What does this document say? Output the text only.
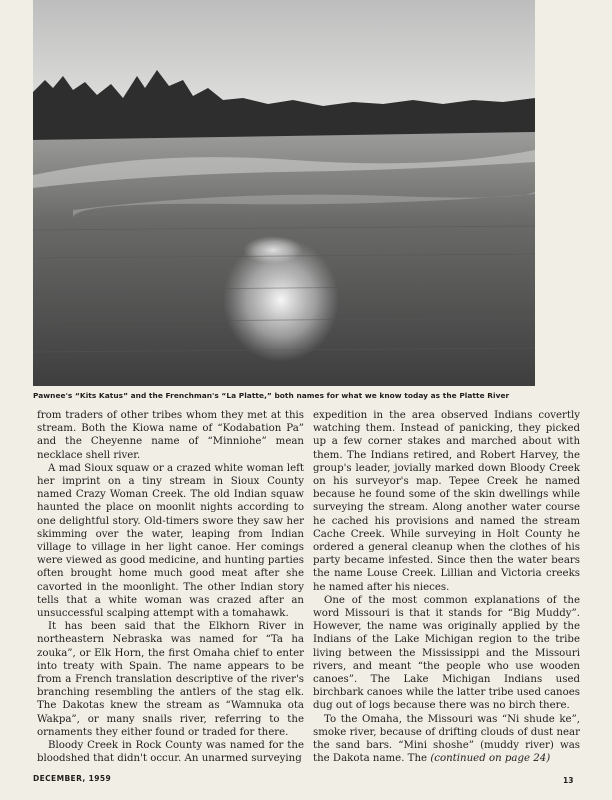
Pawnee's “Kits Katus” and the Frenchman's “La Platte,” both names for what we know today as the Platte River

from traders of other tribes whom they met at this stream. Both the Kiowa name of “Kodabation Pa” and the Cheyenne name of “Minniohe” mean necklace shell river.

A mad Sioux squaw or a crazed white woman left her imprint on a tiny stream in Sioux County named Crazy Woman Creek. The old Indian squaw haunted the place on moonlit nights according to one delightful story. Old-timers swore they saw her skimming over the water, leaping from Indian village to village in her light canoe. Her comings were viewed as good medicine, and hunting parties often brought home much good meat after she cavorted in the moonlight. The other Indian story tells that a white woman was crazed after an unsuccessful scalping attempt with a tomahawk.

It has been said that the Elkhorn River in northeastern Nebraska was named for “Ta ha zouka”, or Elk Horn, the first Omaha chief to enter into treaty with Spain. The name appears to be from a French translation descriptive of the river's branching resembling the antlers of the stag elk. The Dakotas knew the stream as “Wamnuka ota Wakpa”, or many snails river, referring to the ornaments they either found or traded for there.

Bloody Creek in Rock County was named for the bloodshed that didn't occur. An unarmed surveying

expedition in the area observed Indians covertly watching them. Instead of panicking, they picked up a few corner stakes and marched about with them. The Indians retired, and Robert Harvey, the group's leader, jovially marked down Bloody Creek on his surveyor's map. Tepee Creek he named because he found some of the skin dwellings while surveying the stream. Along another water course he cached his provisions and named the stream Cache Creek. While surveying in Holt County he ordered a general cleanup when the clothes of his party became infested. Since then the water bears the name Louse Creek. Lillian and Victoria creeks he named after his nieces.

One of the most common explanations of the word Missouri is that it stands for “Big Muddy”. However, the name was originally applied by the Indians of the Lake Michigan region to the tribe living between the Mississippi and the Missouri rivers, and meant “the people who use wooden canoes”. The Lake Michigan Indians used birchbark canoes while the latter tribe used canoes dug out of logs because there was no birch there.

To the Omaha, the Missouri was “Ni shude ke”, smoke river, because of drifting clouds of dust near the sand bars. “Mini shoshe” (muddy river) was the Dakota name. The (continued on page 24)

DECEMBER, 1959	13
